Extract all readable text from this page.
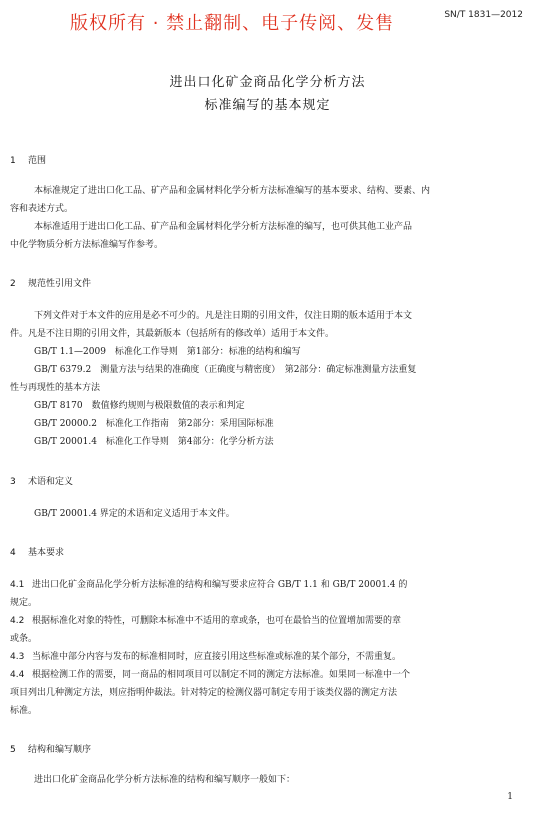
版权所有 · 禁止翻制、电子传阅、发售	SN/T 1831—2012
进出口化矿金商品化学分析方法
标准编写的基本规定
1 范围
本标准规定了进出口化工品、矿产品和金属材料化学分析方法标准编写的基本要求、结构、要素、内
容和表述方式。
本标准适用于进出口化工品、矿产品和金属材料化学分析方法标准的编写，也可供其他工业产品
中化学物质分析方法标准编写作参考。
2 规范性引用文件
下列文件对于本文件的应用是必不可少的。凡是注日期的引用文件，仅注日期的版本适用于本文
件。凡是不注日期的引用文件，其最新版本（包括所有的修改单）适用于本文件。
GB/T 1.1—2009　标准化工作导则　第1部分：标准的结构和编写
GB/T 6379.2　测量方法与结果的准确度（正确度与精密度）　第2部分：确定标准测量方法重复
性与再现性的基本方法
GB/T 8170　数值修约规则与极限数值的表示和判定
GB/T 20000.2　标准化工作指南　第2部分：采用国际标准
GB/T 20001.4　标准化工作导则　第4部分：化学分析方法
3 术语和定义
GB/T 20001.4 界定的术语和定义适用于本文件。
4 基本要求
4.1 进出口化矿金商品化学分析方法标准的结构和编写要求应符合 GB/T 1.1 和 GB/T 20001.4 的
规定。
4.2 根据标准化对象的特性，可删除本标准中不适用的章或条，也可在最恰当的位置增加需要的章
或条。
4.3 当标准中部分内容与发布的标准相同时，应直接引用这些标准或标准的某个部分，不需重复。
4.4 根据检测工作的需要，同一商品的相同项目可以制定不同的测定方法标准。如果同一标准中一个
项目列出几种测定方法，则应指明仲裁法。针对特定的检测仪器可制定专用于该类仪器的测定方法
标准。
5 结构和编写顺序
进出口化矿金商品化学分析方法标准的结构和编写顺序一般如下：
1
